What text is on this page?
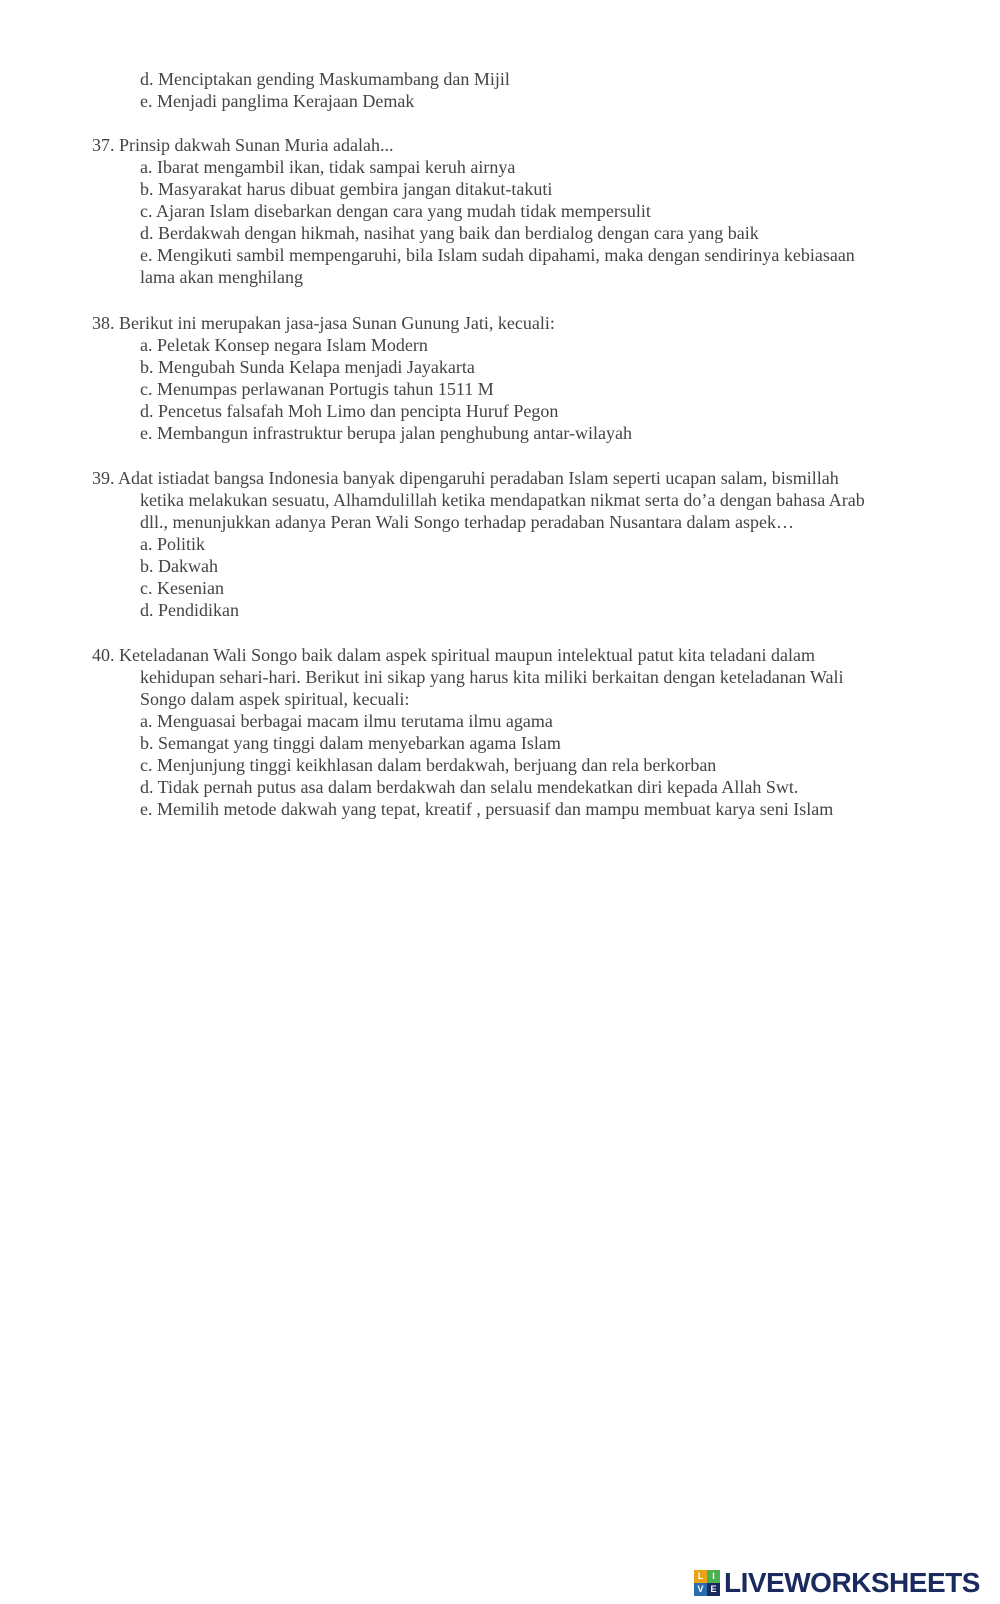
d. Menciptakan gending Maskumambang dan Mijil
e. Menjadi panglima Kerajaan Demak
37. Prinsip dakwah Sunan Muria adalah...
a. Ibarat mengambil ikan, tidak sampai keruh airnya
b. Masyarakat harus dibuat gembira jangan ditakut-takuti
c. Ajaran Islam disebarkan dengan cara yang mudah tidak mempersulit
d. Berdakwah dengan hikmah, nasihat yang baik dan berdialog dengan cara yang baik
e. Mengikuti sambil mempengaruhi, bila Islam sudah dipahami, maka dengan sendirinya kebiasaan
lama akan menghilang
38. Berikut ini merupakan jasa-jasa Sunan Gunung Jati, kecuali:
a. Peletak Konsep negara Islam Modern
b. Mengubah Sunda Kelapa menjadi Jayakarta
c. Menumpas perlawanan Portugis tahun 1511 M
d. Pencetus falsafah Moh Limo dan pencipta Huruf Pegon
e. Membangun infrastruktur berupa jalan penghubung antar-wilayah
39. Adat istiadat bangsa Indonesia banyak dipengaruhi peradaban Islam seperti ucapan salam, bismillah
ketika melakukan sesuatu, Alhamdulillah ketika mendapatkan nikmat serta do’a dengan bahasa Arab
dll., menunjukkan adanya Peran Wali Songo terhadap peradaban Nusantara dalam aspek…
a. Politik
b. Dakwah
c. Kesenian
d. Pendidikan
40. Keteladanan Wali Songo baik dalam aspek spiritual maupun intelektual patut kita teladani dalam
kehidupan sehari-hari. Berikut ini sikap yang harus kita miliki berkaitan dengan keteladanan Wali
Songo dalam aspek spiritual, kecuali:
a. Menguasai berbagai macam ilmu terutama ilmu agama
b. Semangat yang tinggi dalam menyebarkan agama Islam
c. Menjunjung tinggi keikhlasan dalam berdakwah, berjuang dan rela berkorban
d. Tidak pernah putus asa dalam berdakwah dan selalu mendekatkan diri kepada Allah Swt.
e. Memilih metode dakwah yang tepat, kreatif , persuasif dan mampu membuat karya seni Islam
L I
V E LIVEWORKSHEETS
